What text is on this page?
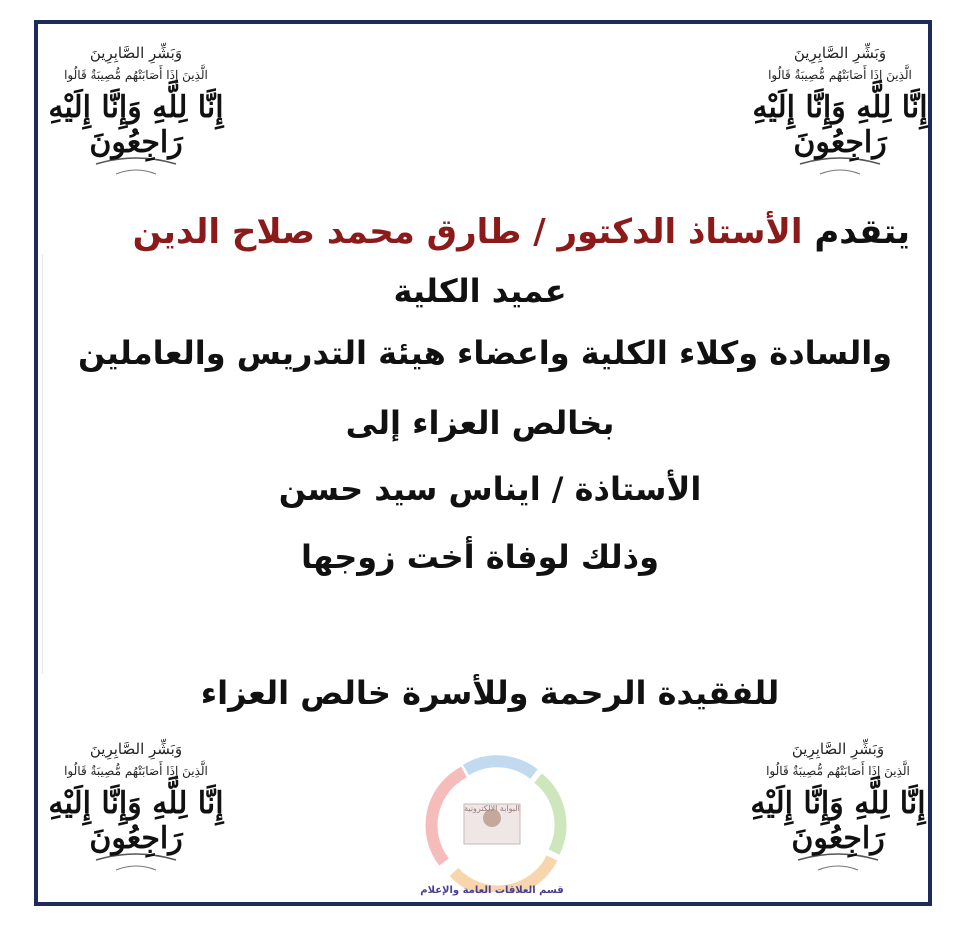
وَبَشِّرِ الصَّابِرِينَ
الَّذِينَ إِذَا أَصَابَتْهُم مُّصِيبَةٌ قَالُوا
إِنَّا لِلَّهِ وَإِنَّا إِلَيْهِ رَاجِعُونَ
وَبَشِّرِ الصَّابِرِينَ
الَّذِينَ إِذَا أَصَابَتْهُم مُّصِيبَةٌ قَالُوا
إِنَّا لِلَّهِ وَإِنَّا إِلَيْهِ رَاجِعُونَ
وَبَشِّرِ الصَّابِرِينَ
الَّذِينَ إِذَا أَصَابَتْهُم مُّصِيبَةٌ قَالُوا
إِنَّا لِلَّهِ وَإِنَّا إِلَيْهِ رَاجِعُونَ
وَبَشِّرِ الصَّابِرِينَ
الَّذِينَ إِذَا أَصَابَتْهُم مُّصِيبَةٌ قَالُوا
إِنَّا لِلَّهِ وَإِنَّا إِلَيْهِ رَاجِعُونَ
يتقدم الأستاذ الدكتور / طارق محمد صلاح الدين
عميد الكلية
والسادة وكلاء الكلية واعضاء هيئة التدريس والعاملين
بخالص العزاء إلى
الأستاذة / ايناس سيد حسن
وذلك لوفاة أخت زوجها
للفقيدة الرحمة وللأسرة خالص العزاء
البوابة الالكترونية
قسم العلاقات العامة والإعلام
